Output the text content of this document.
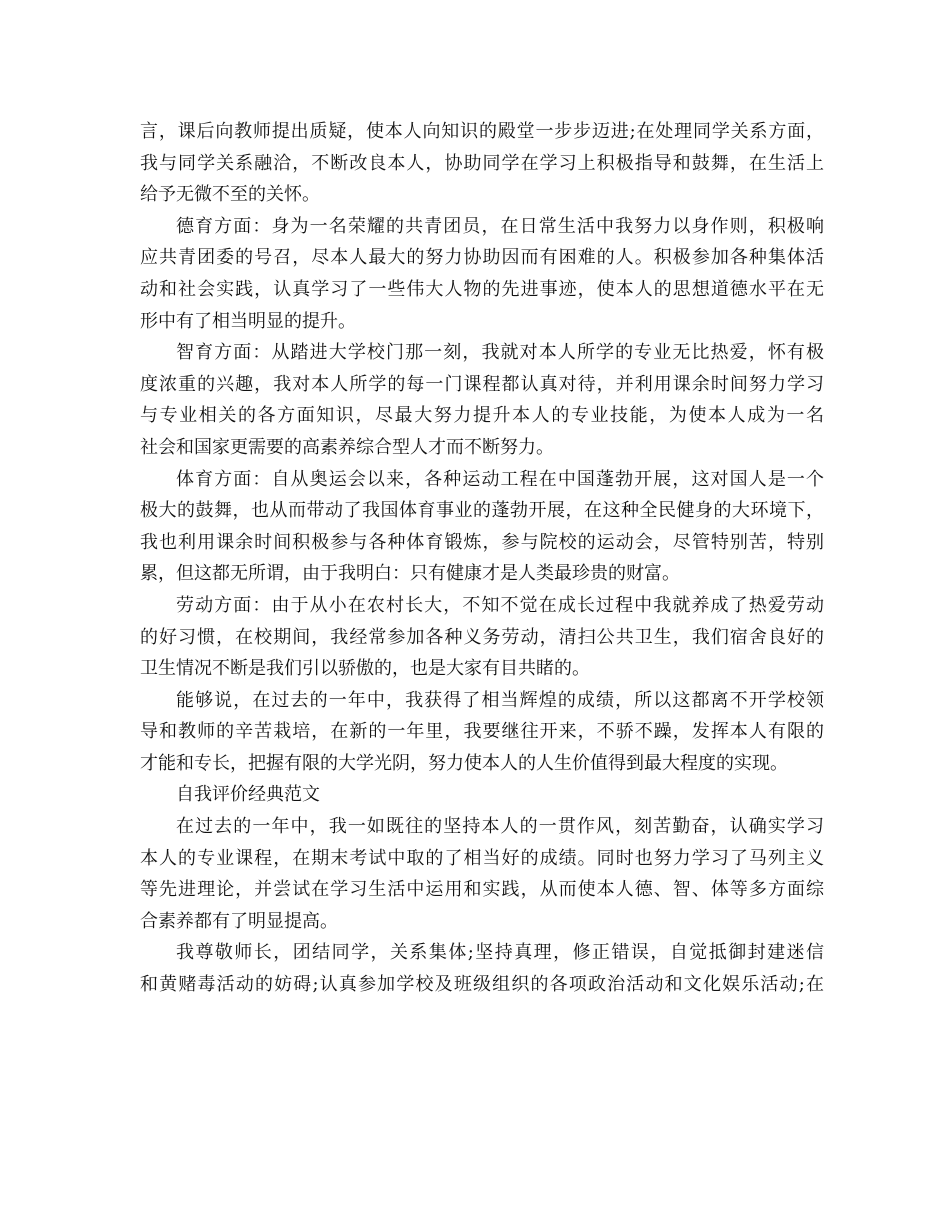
言，课后向教师提出质疑，使本人向知识的殿堂一步步迈进;在处理同学关系方面，
我与同学关系融洽，不断改良本人，协助同学在学习上积极指导和鼓舞，在生活上
给予无微不至的关怀。
德育方面：身为一名荣耀的共青团员，在日常生活中我努力以身作则，积极响
应共青团委的号召，尽本人最大的努力协助因而有困难的人。积极参加各种集体活
动和社会实践，认真学习了一些伟大人物的先进事迹，使本人的思想道德水平在无
形中有了相当明显的提升。
智育方面：从踏进大学校门那一刻，我就对本人所学的专业无比热爱，怀有极
度浓重的兴趣，我对本人所学的每一门课程都认真对待，并利用课余时间努力学习
与专业相关的各方面知识，尽最大努力提升本人的专业技能，为使本人成为一名
社会和国家更需要的高素养综合型人才而不断努力。
体育方面：自从奥运会以来，各种运动工程在中国蓬勃开展，这对国人是一个
极大的鼓舞，也从而带动了我国体育事业的蓬勃开展，在这种全民健身的大环境下，
我也利用课余时间积极参与各种体育锻炼，参与院校的运动会，尽管特别苦，特别
累，但这都无所谓，由于我明白：只有健康才是人类最珍贵的财富。
劳动方面：由于从小在农村长大，不知不觉在成长过程中我就养成了热爱劳动
的好习惯，在校期间，我经常参加各种义务劳动，清扫公共卫生，我们宿舍良好的
卫生情况不断是我们引以骄傲的，也是大家有目共睹的。
能够说，在过去的一年中，我获得了相当辉煌的成绩，所以这都离不开学校领
导和教师的辛苦栽培，在新的一年里，我要继往开来，不骄不躁，发挥本人有限的
才能和专长，把握有限的大学光阴，努力使本人的人生价值得到最大程度的实现。
自我评价经典范文
在过去的一年中，我一如既往的坚持本人的一贯作风，刻苦勤奋，认确实学习
本人的专业课程，在期末考试中取的了相当好的成绩。同时也努力学习了马列主义
等先进理论，并尝试在学习生活中运用和实践，从而使本人德、智、体等多方面综
合素养都有了明显提高。
我尊敬师长，团结同学，关系集体;坚持真理，修正错误，自觉抵御封建迷信
和黄赌毒活动的妨碍;认真参加学校及班级组织的各项政治活动和文化娱乐活动;在
